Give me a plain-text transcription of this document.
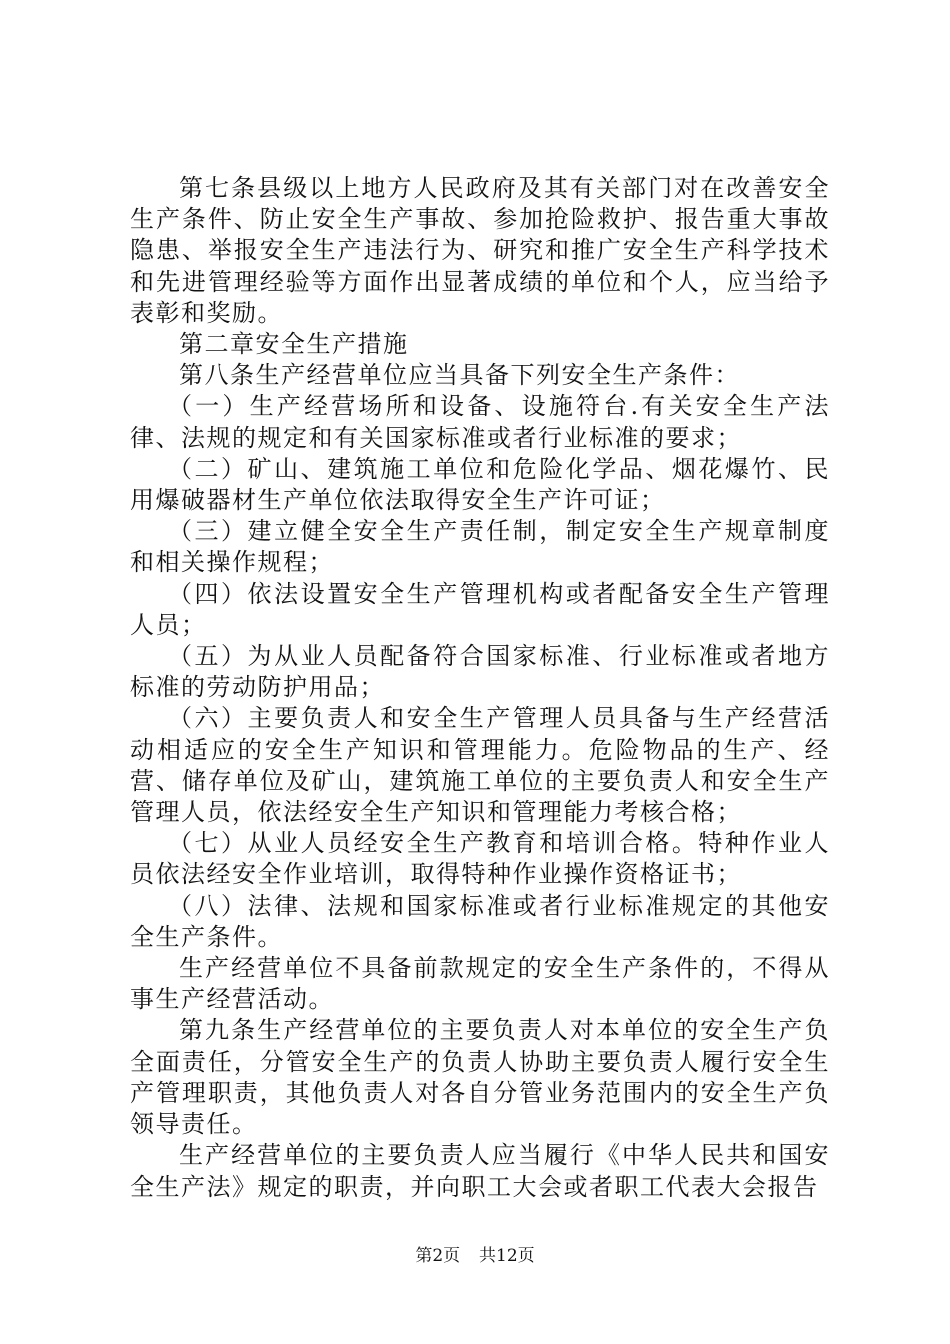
第七条县级以上地方人民政府及其有关部门对在改善安全生产条件、防止安全生产事故、参加抢险救护、报告重大事故隐患、举报安全生产违法行为、研究和推广安全生产科学技术和先进管理经验等方面作出显著成绩的单位和个人，应当给予表彰和奖励。

第二章安全生产措施

第八条生产经营单位应当具备下列安全生产条件：

（一）生产经营场所和设备、设施符台.有关安全生产法律、法规的规定和有关国家标准或者行业标准的要求；

（二）矿山、建筑施工单位和危险化学品、烟花爆竹、民用爆破器材生产单位依法取得安全生产许可证；

（三）建立健全安全生产责任制，制定安全生产规章制度和相关操作规程；

（四）依法设置安全生产管理机构或者配备安全生产管理人员；

（五）为从业人员配备符合国家标准、行业标准或者地方标准的劳动防护用品；

（六）主要负责人和安全生产管理人员具备与生产经营活动相适应的安全生产知识和管理能力。危险物品的生产、经营、储存单位及矿山，建筑施工单位的主要负责人和安全生产管理人员，依法经安全生产知识和管理能力考核合格；

（七）从业人员经安全生产教育和培训合格。特种作业人员依法经安全作业培训，取得特种作业操作资格证书；

（八）法律、法规和国家标准或者行业标准规定的其他安全生产条件。

生产经营单位不具备前款规定的安全生产条件的，不得从事生产经营活动。

第九条生产经营单位的主要负责人对本单位的安全生产负全面责任，分管安全生产的负责人协助主要负责人履行安全生产管理职责，其他负责人对各自分管业务范围内的安全生产负领导责任。

生产经营单位的主要负责人应当履行《中华人民共和国安全生产法》规定的职责，并向职工大会或者职工代表大会报告

第2页 共12页
